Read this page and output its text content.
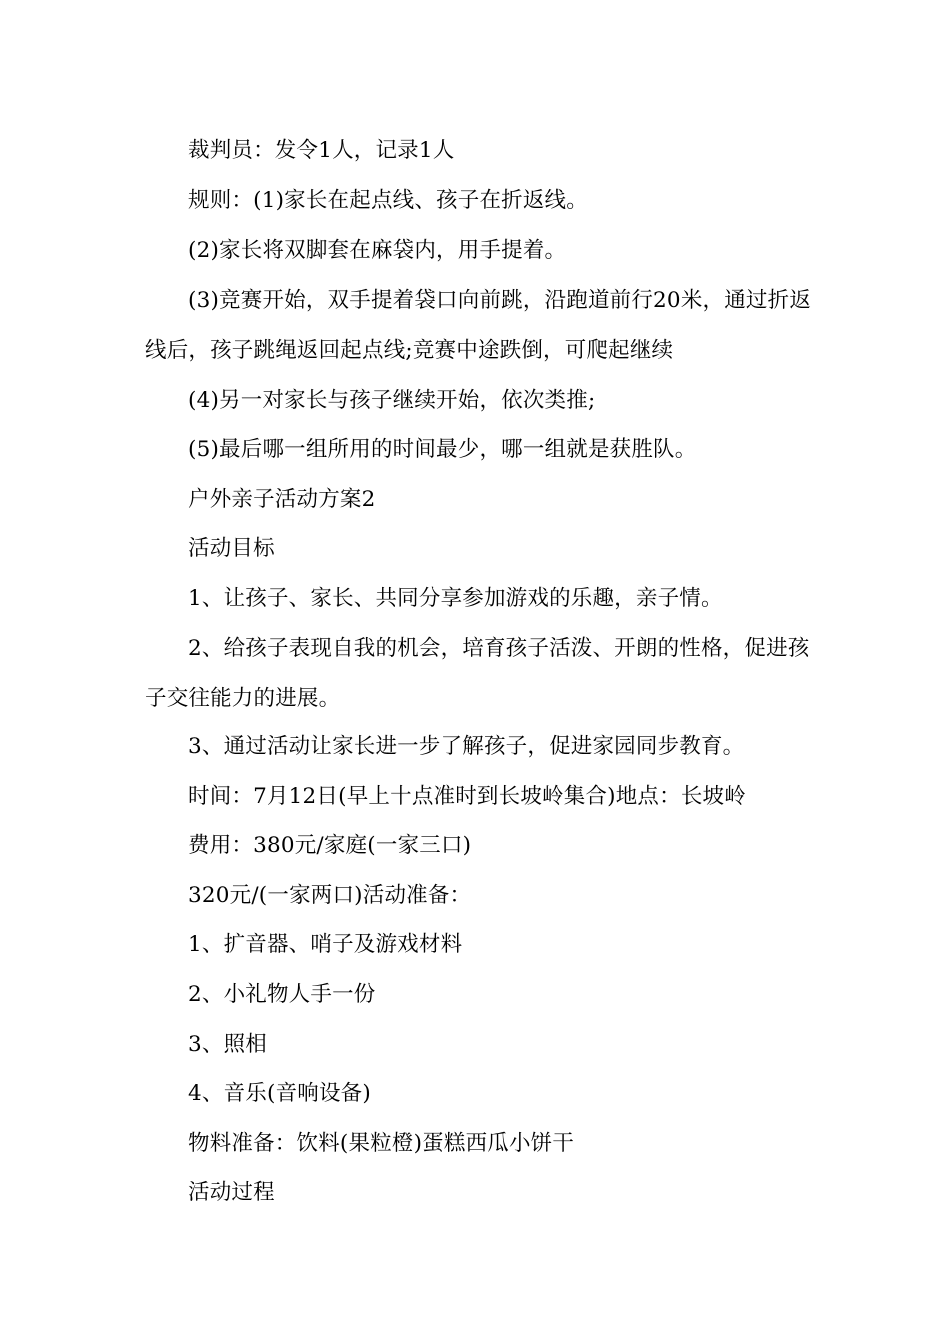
裁判员：发令1人，记录1人

规则：(1)家长在起点线、孩子在折返线。

(2)家长将双脚套在麻袋内，用手提着。

(3)竞赛开始，双手提着袋口向前跳，沿跑道前行20米，通过折返线后，孩子跳绳返回起点线;竞赛中途跌倒，可爬起继续

(4)另一对家长与孩子继续开始，依次类推;

(5)最后哪一组所用的时间最少，哪一组就是获胜队。

户外亲子活动方案2

活动目标

1、让孩子、家长、共同分享参加游戏的乐趣，亲子情。

2、给孩子表现自我的机会，培育孩子活泼、开朗的性格，促进孩子交往能力的进展。

3、通过活动让家长进一步了解孩子，促进家园同步教育。

时间：7月12日(早上十点准时到长坡岭集合)地点：长坡岭

费用：380元/家庭(一家三口)

320元/(一家两口)活动准备：

1、扩音器、哨子及游戏材料

2、小礼物人手一份

3、照相

4、音乐(音响设备)

物料准备：饮料(果粒橙)蛋糕西瓜小饼干

活动过程
